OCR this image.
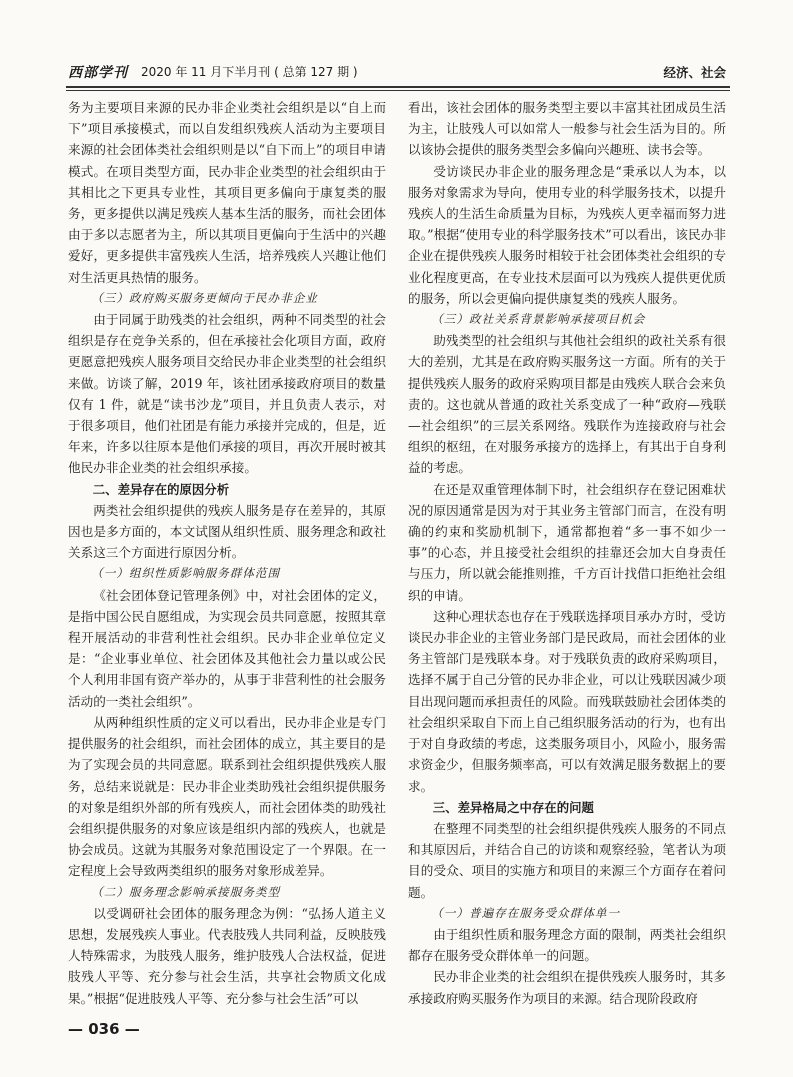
西部学刊 2020 年 11 月下半月刊 ( 总第 127 期 )	经济、社会

务为主要项目来源的民办非企业类社会组织是以“自上而下”项目承接模式，而以自发组织残疾人活动为主要项目来源的社会团体类社会组织则是以“自下而上”的项目申请模式。在项目类型方面，民办非企业类型的社会组织由于其相比之下更具专业性，其项目更多偏向于康复类的服务，更多提供以满足残疾人基本生活的服务，而社会团体由于多以志愿者为主，所以其项目更偏向于生活中的兴趣爱好，更多提供丰富残疾人生活，培养残疾人兴趣让他们对生活更具热情的服务。

（三）政府购买服务更倾向于民办非企业

由于同属于助残类的社会组织，两种不同类型的社会组织是存在竞争关系的，但在承接社会化项目方面，政府更愿意把残疾人服务项目交给民办非企业类型的社会组织来做。访谈了解，2019 年，该社团承接政府项目的数量仅有 1 件，就是“读书沙龙”项目，并且负责人表示，对于很多项目，他们社团是有能力承接并完成的，但是，近年来，许多以往原本是他们承接的项目，再次开展时被其他民办非企业类的社会组织承接。

二、差异存在的原因分析

两类社会组织提供的残疾人服务是存在差异的，其原因也是多方面的，本文试图从组织性质、服务理念和政社关系这三个方面进行原因分析。

（一）组织性质影响服务群体范围

《社会团体登记管理条例》中，对社会团体的定义，是指中国公民自愿组成，为实现会员共同意愿，按照其章程开展活动的非营利性社会组织。民办非企业单位定义是：“企业事业单位、社会团体及其他社会力量以或公民个人利用非国有资产举办的，从事于非营利性的社会服务活动的一类社会组织”。

从两种组织性质的定义可以看出，民办非企业是专门提供服务的社会组织，而社会团体的成立，其主要目的是为了实现会员的共同意愿。联系到社会组织提供残疾人服务，总结来说就是：民办非企业类助残社会组织提供服务的对象是组织外部的所有残疾人，而社会团体类的助残社会组织提供服务的对象应该是组织内部的残疾人，也就是协会成员。这就为其服务对象范围设定了一个界限。在一定程度上会导致两类组织的服务对象形成差异。

（二）服务理念影响承接服务类型

以受调研社会团体的服务理念为例：“弘扬人道主义思想，发展残疾人事业。代表肢残人共同利益，反映肢残人特殊需求，为肢残人服务，维护肢残人合法权益，促进肢残人平等、充分参与社会生活，共享社会物质文化成果。”根据“促进肢残人平等、充分参与社会生活”可以

看出，该社会团体的服务类型主要以丰富其社团成员生活为主，让肢残人可以如常人一般参与社会生活为目的。所以该协会提供的服务类型会多偏向兴趣班、读书会等。

受访谈民办非企业的服务理念是“秉承以人为本，以服务对象需求为导向，使用专业的科学服务技术，以提升残疾人的生活生命质量为目标，为残疾人更幸福而努力进取。”根据“使用专业的科学服务技术”可以看出，该民办非企业在提供残疾人服务时相较于社会团体类社会组织的专业化程度更高，在专业技术层面可以为残疾人提供更优质的服务，所以会更偏向提供康复类的残疾人服务。

（三）政社关系背景影响承接项目机会

助残类型的社会组织与其他社会组织的政社关系有很大的差别，尤其是在政府购买服务这一方面。所有的关于提供残疾人服务的政府采购项目都是由残疾人联合会来负责的。这也就从普通的政社关系变成了一种“政府—残联—社会组织”的三层关系网络。残联作为连接政府与社会组织的枢纽，在对服务承接方的选择上，有其出于自身利益的考虑。

在还是双重管理体制下时，社会组织存在登记困难状况的原因通常是因为对于其业务主管部门而言，在没有明确的约束和奖励机制下，通常都抱着“多一事不如少一事”的心态，并且接受社会组织的挂靠还会加大自身责任与压力，所以就会能推则推，千方百计找借口拒绝社会组织的申请。

这种心理状态也存在于残联选择项目承办方时，受访谈民办非企业的主管业务部门是民政局，而社会团体的业务主管部门是残联本身。对于残联负责的政府采购项目，选择不属于自己分管的民办非企业，可以让残联因减少项目出现问题而承担责任的风险。而残联鼓励社会团体类的社会组织采取自下而上自己组织服务活动的行为，也有出于对自身政绩的考虑，这类服务项目小，风险小，服务需求资金少，但服务频率高，可以有效满足服务数据上的要求。

三、差异格局之中存在的问题

在整理不同类型的社会组织提供残疾人服务的不同点和其原因后，并结合自己的访谈和观察经验，笔者认为项目的受众、项目的实施方和项目的来源三个方面存在着问题。

（一）普遍存在服务受众群体单一

由于组织性质和服务理念方面的限制，两类社会组织都存在服务受众群体单一的问题。

民办非企业类的社会组织在提供残疾人服务时，其多承接政府购买服务作为项目的来源。结合现阶段政府

— 036 —
